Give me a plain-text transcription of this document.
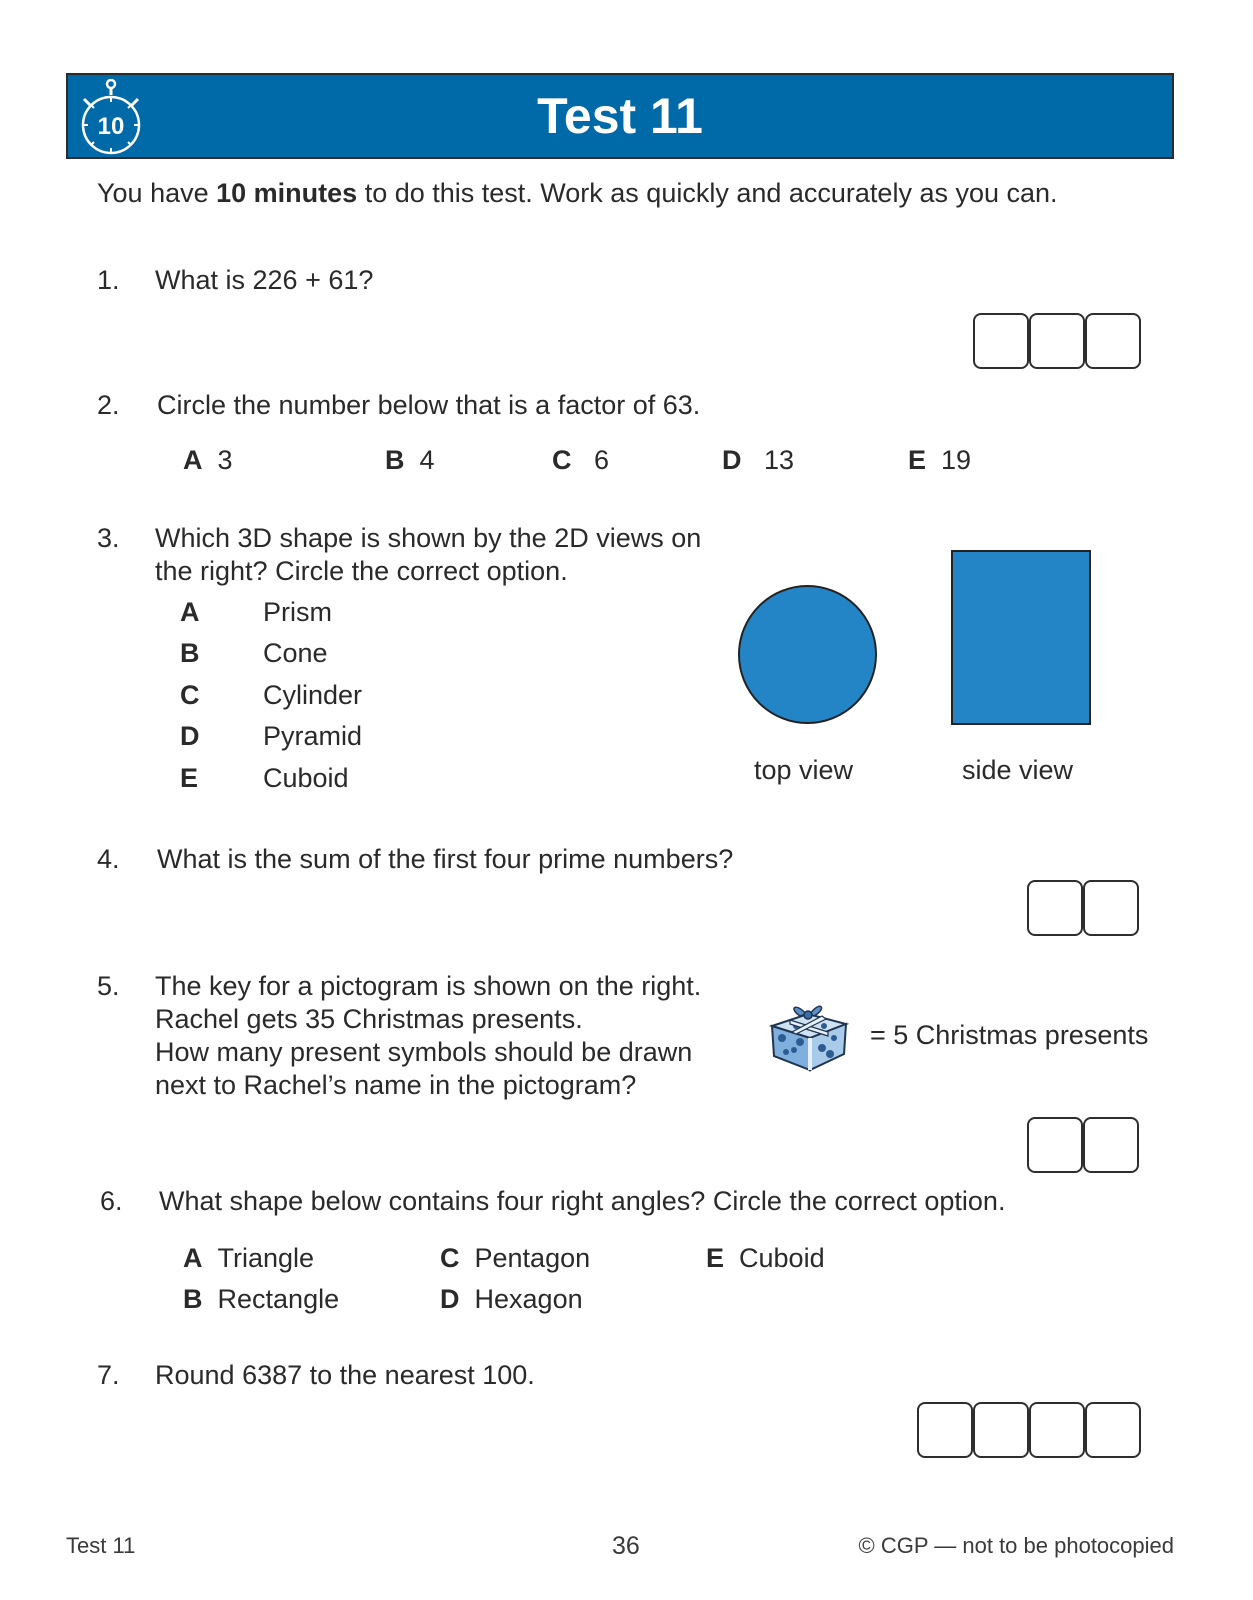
10	Test 11
You have 10 minutes to do this test. Work as quickly and accurately as you can.
1. What is 226 + 61?
2. Circle the number below that is a factor of 63.
A 3	B 4	C 6	D 13	E 19
3. Which 3D shape is shown by the 2D views on
the right? Circle the correct option.
A Prism
B Cone
C Cylinder
D Pyramid
E Cuboid	top view	side view
4. What is the sum of the first four prime numbers?
5. The key for a pictogram is shown on the right.
Rachel gets 35 Christmas presents.
How many present symbols should be drawn
next to Rachel’s name in the pictogram?
= 5 Christmas presents
6. What shape below contains four right angles? Circle the correct option.
A Triangle
B Rectangle
C Pentagon
D Hexagon
E Cuboid
7. Round 6387 to the nearest 100.
Test 11	36	© CGP — not to be photocopied
